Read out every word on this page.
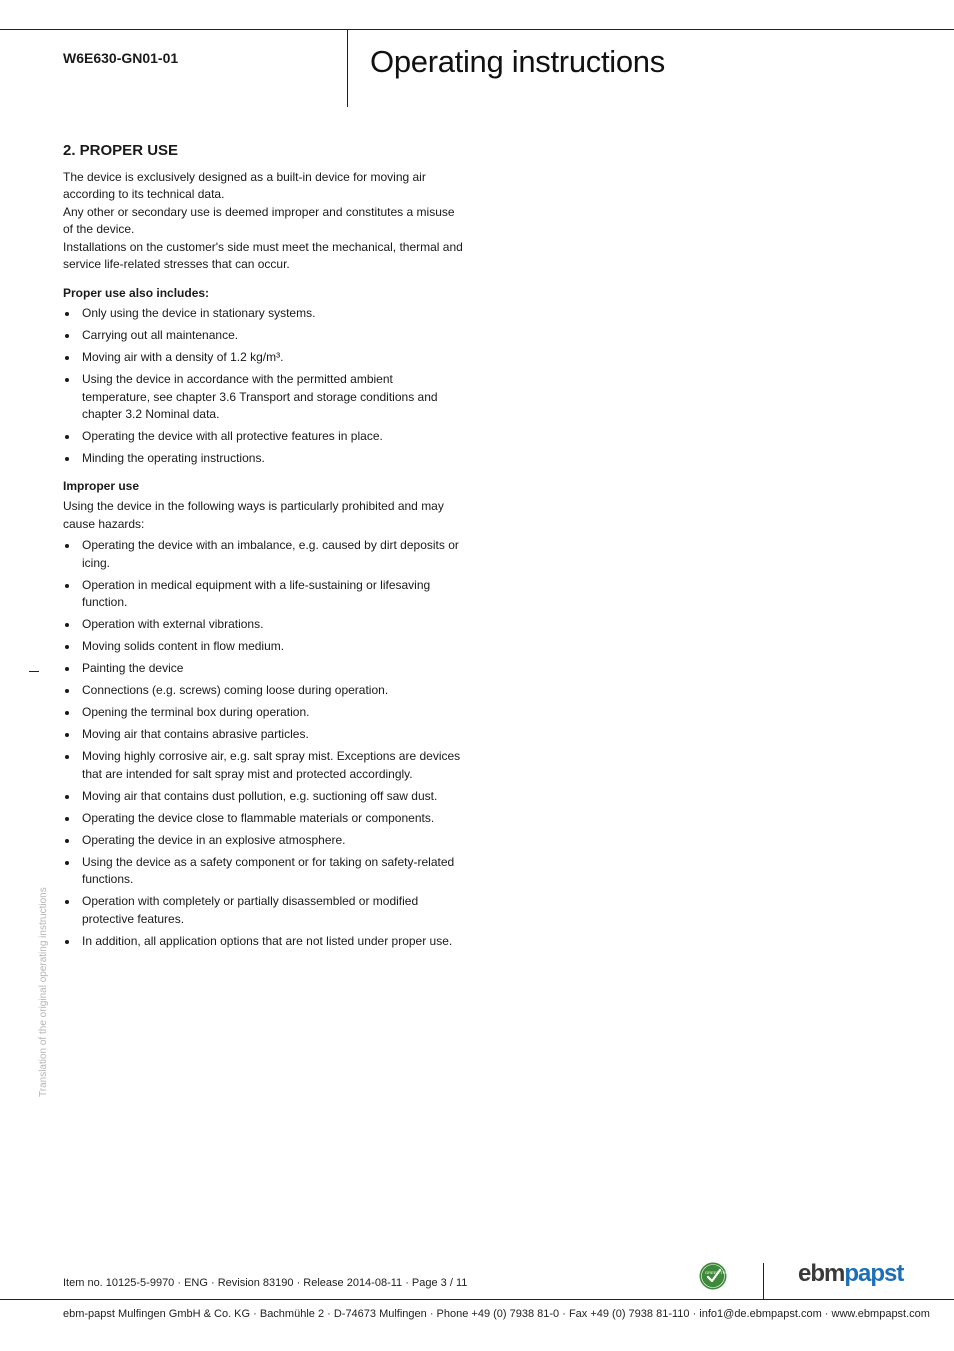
W6E630-GN01-01	Operating instructions
2. PROPER USE

The device is exclusively designed as a built-in device for moving air according to its technical data.

Any other or secondary use is deemed improper and constitutes a misuse of the device.

Installations on the customer's side must meet the mechanical, thermal and service life-related stresses that can occur.

Proper use also includes:
Only using the device in stationary systems.
Carrying out all maintenance.
Moving air with a density of 1.2 kg/m³.
Using the device in accordance with the permitted ambient temperature, see chapter 3.6 Transport and storage conditions and chapter 3.2 Nominal data.
Operating the device with all protective features in place.
Minding the operating instructions.
Improper use

Using the device in the following ways is particularly prohibited and may cause hazards:

Operating the device with an imbalance, e.g. caused by dirt deposits or icing.
Operation in medical equipment with a life-sustaining or lifesaving function.
Operation with external vibrations.
Moving solids content in flow medium.
Painting the device
Connections (e.g. screws) coming loose during operation.
Opening the terminal box during operation.
Moving air that contains abrasive particles.
Moving highly corrosive air, e.g. salt spray mist. Exceptions are devices that are intended for salt spray mist and protected accordingly.
Moving air that contains dust pollution, e.g. suctioning off saw dust.
Operating the device close to flammable materials or components.
Operating the device in an explosive atmosphere.
Using the device as a safety component or for taking on safety-related functions.
Operation with completely or partially disassembled or modified protective features.
In addition, all application options that are not listed under proper use.
Translation of the original operating instructions
Item no. 10125-5-9970 · ENG · Revision 83190 · Release 2014-08-11 · Page 3 / 11
GREEN TECH	ebmpapst
ebm-papst Mulfingen GmbH & Co. KG · Bachmühle 2 · D-74673 Mulfingen · Phone +49 (0) 7938 81-0 · Fax +49 (0) 7938 81-110 · info1@de.ebmpapst.com · www.ebmpapst.com
